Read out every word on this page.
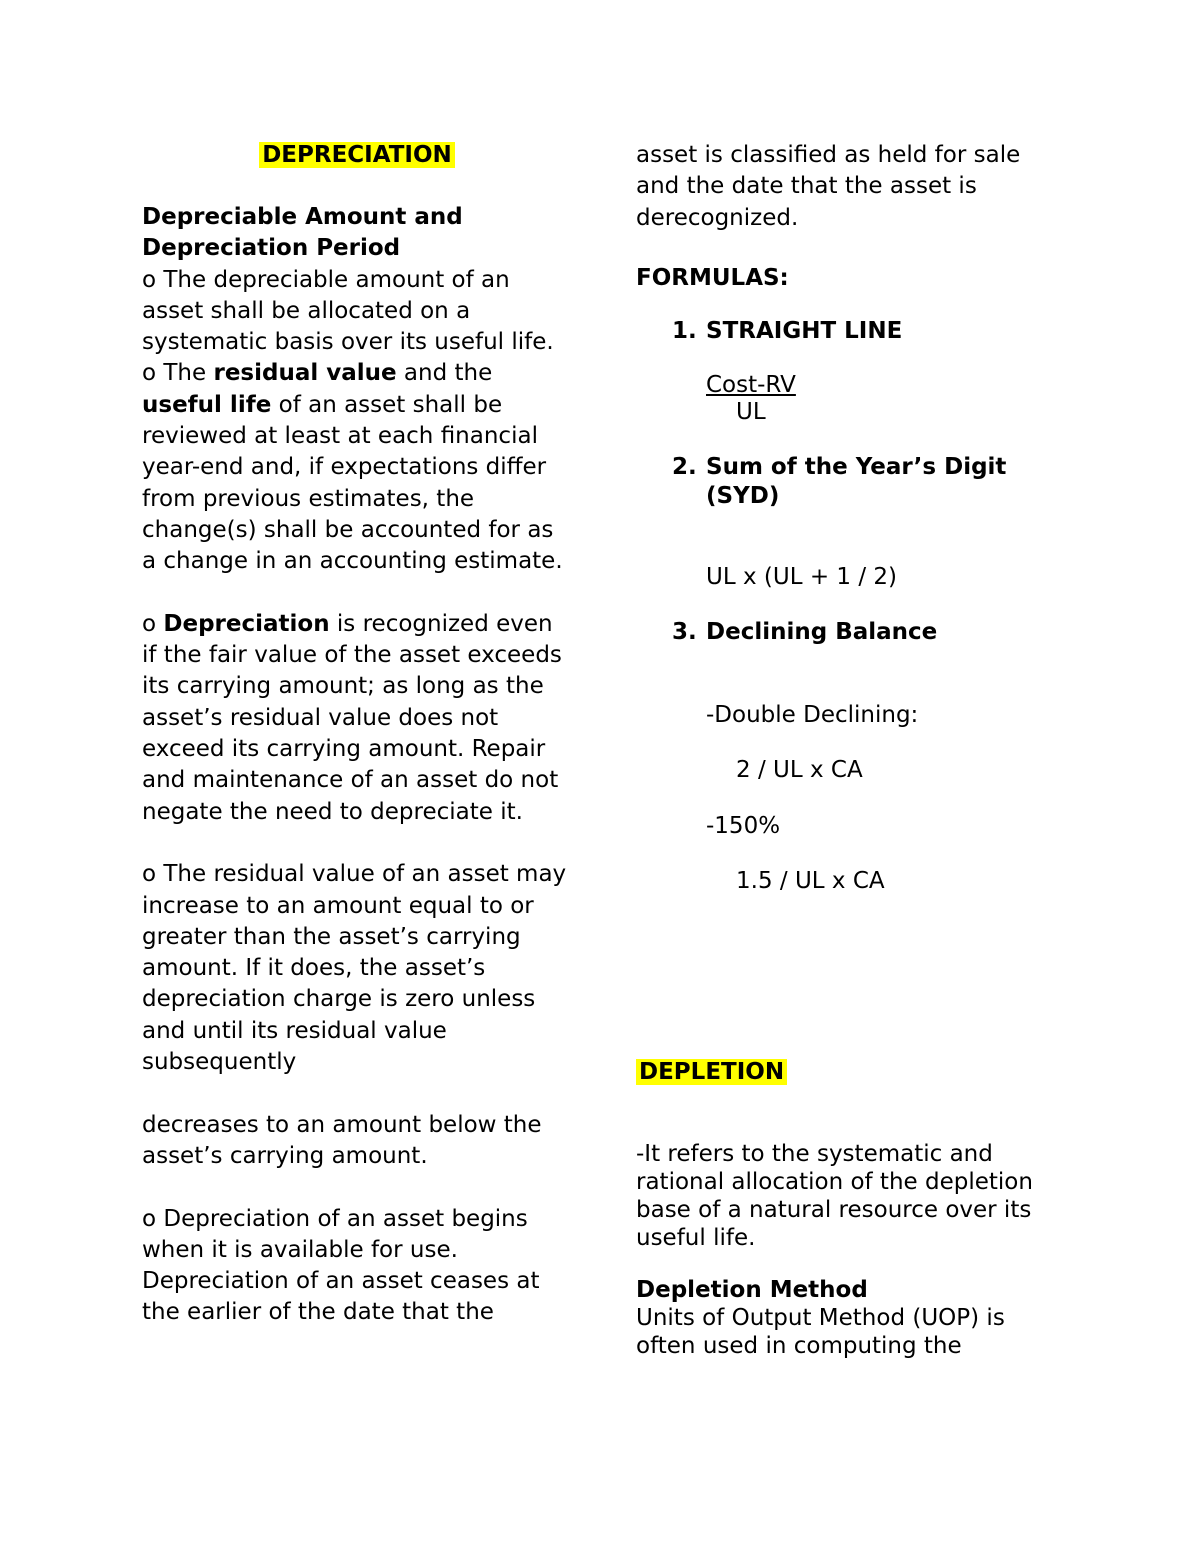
DEPRECIATION

Depreciable Amount and Depreciation Period

o The depreciable amount of an asset shall be allocated on a systematic basis over its useful life.

o The residual value and the useful life of an asset shall be reviewed at least at each financial year-end and, if expectations differ from previous estimates, the change(s) shall be accounted for as a change in an accounting estimate.

o Depreciation is recognized even if the fair value of the asset exceeds its carrying amount; as long as the asset’s residual value does not exceed its carrying amount. Repair and maintenance of an asset do not negate the need to depreciate it.

o The residual value of an asset may increase to an amount equal to or greater than the asset’s carrying amount. If it does, the asset’s depreciation charge is zero unless and until its residual value subsequently

decreases to an amount below the asset’s carrying amount.

o Depreciation of an asset begins when it is available for use. Depreciation of an asset ceases at the earlier of the date that the

asset is classified as held for sale and the date that the asset is derecognized.

FORMULAS:
1. STRAIGHT LINE
Cost-RV
UL
2. Sum of the Year’s Digit
(SYD)
UL x (UL + 1 / 2)
3. Declining Balance
-Double Declining:
2 / UL x CA
-150%
1.5 / UL x CA
DEPLETION

-It refers to the systematic and rational allocation of the depletion base of a natural resource over its useful life.

Depletion Method

Units of Output Method (UOP) is often used in computing the
